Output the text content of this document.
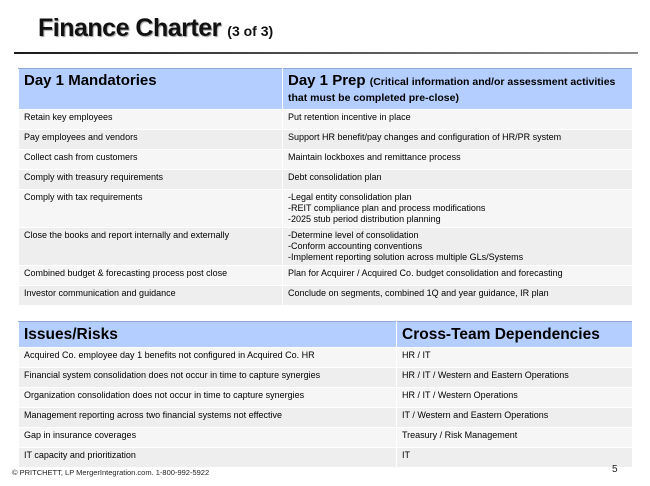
Finance Charter (3 of 3)
Day 1 Mandatories	Day 1 Prep (Critical information and/or assessment activities that must be completed pre-close)
Retain key employees	Put retention incentive in place
Pay employees and vendors	Support HR benefit/pay changes and configuration of HR/PR system
Collect cash from customers	Maintain lockboxes and remittance process
Comply with treasury requirements	Debt consolidation plan
Comply with tax requirements	-Legal entity consolidation plan
-REIT compliance plan and process modifications
-2025 stub period distribution planning
Close the books and report internally and externally	-Determine level of consolidation
-Conform accounting conventions
-Implement reporting solution across multiple GLs/Systems
Combined budget & forecasting process post close	Plan for Acquirer / Acquired Co. budget consolidation and forecasting
Investor communication and guidance	Conclude on segments, combined 1Q and year guidance, IR plan
Issues/Risks	Cross-Team Dependencies
Acquired Co. employee day 1 benefits not configured in Acquired Co. HR	HR / IT
Financial system consolidation does not occur in time to capture synergies	HR / IT / Western and Eastern Operations
Organization consolidation does not occur in time to capture synergies	HR / IT / Western Operations
Management reporting across two financial systems not effective	IT / Western and Eastern Operations
Gap in insurance coverages	Treasury / Risk Management
IT capacity and prioritization	IT
© PRITCHETT, LP MergerIntegration.com. 1-800-992-5922	5
